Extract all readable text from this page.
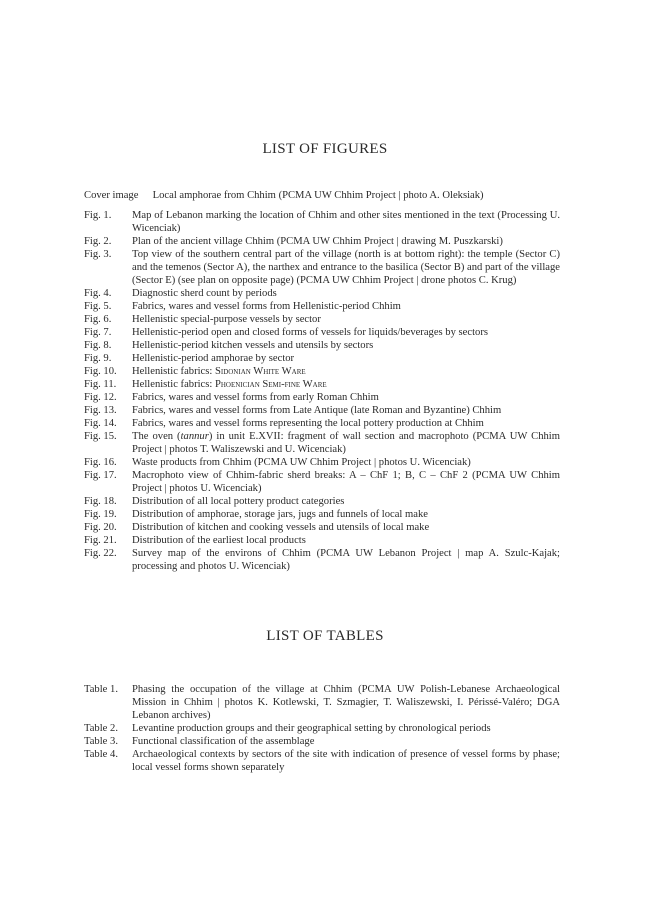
LIST OF FIGURES
Cover image Local amphorae from Chhim (PCMA UW Chhim Project | photo A. Oleksiak)
Fig. 1.	Map of Lebanon marking the location of Chhim and other sites mentioned in the text (Processing U. Wicenciak)
Fig. 2.	Plan of the ancient village Chhim (PCMA UW Chhim Project | drawing M. Puszkarski)
Fig. 3.	Top view of the southern central part of the village (north is at bottom right): the temple (Sector C) and the temenos (Sector A), the narthex and entrance to the basilica (Sector B) and part of the village (Sector E) (see plan on opposite page) (PCMA UW Chhim Project | drone photos C. Krug)
Fig. 4.	Diagnostic sherd count by periods
Fig. 5.	Fabrics, wares and vessel forms from Hellenistic-period Chhim
Fig. 6.	Hellenistic special-purpose vessels by sector
Fig. 7.	Hellenistic-period open and closed forms of vessels for liquids/beverages by sectors
Fig. 8.	Hellenistic-period kitchen vessels and utensils by sectors
Fig. 9.	Hellenistic-period amphorae by sector
Fig. 10.	Hellenistic fabrics: Sidonian White Ware
Fig. 11.	Hellenistic fabrics: Phoenician Semi-fine Ware
Fig. 12.	Fabrics, wares and vessel forms from early Roman Chhim
Fig. 13.	Fabrics, wares and vessel forms from Late Antique (late Roman and Byzantine) Chhim
Fig. 14.	Fabrics, wares and vessel forms representing the local pottery production at Chhim
Fig. 15.	The oven (tannur) in unit E.XVII: fragment of wall section and macrophoto (PCMA UW Chhim Project | photos T. Waliszewski and U. Wicenciak)
Fig. 16.	Waste products from Chhim (PCMA UW Chhim Project | photos U. Wicenciak)
Fig. 17.	Macrophoto view of Chhim-fabric sherd breaks: A – ChF 1; B, C – ChF 2 (PCMA UW Chhim Project | photos U. Wicenciak)
Fig. 18.	Distribution of all local pottery product categories
Fig. 19.	Distribution of amphorae, storage jars, jugs and funnels of local make
Fig. 20.	Distribution of kitchen and cooking vessels and utensils of local make
Fig. 21.	Distribution of the earliest local products
Fig. 22.	Survey map of the environs of Chhim (PCMA UW Lebanon Project | map A. Szulc-Kajak; processing and photos U. Wicenciak)
LIST OF TABLES
Table 1.	Phasing the occupation of the village at Chhim (PCMA UW Polish-Lebanese Archaeological Mission in Chhim | photos K. Kotlewski, T. Szmagier, T. Waliszewski, I. Périssé-Valéro; DGA Lebanon archives)
Table 2.	Levantine production groups and their geographical setting by chronological periods
Table 3.	Functional classification of the assemblage
Table 4.	Archaeological contexts by sectors of the site with indication of presence of vessel forms by phase; local vessel forms shown separately
